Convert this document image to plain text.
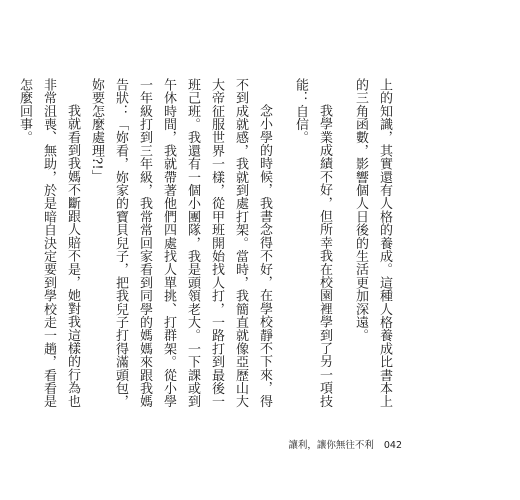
上的知識，其實還有人格的養成。這種人格養成比書本上的三角函數，影響個人日後的生活更加深遠。

我學業成績不好，但所幸我在校園裡學到了另一項技能：自信。

念小學的時候，我書念得不好，在學校靜不下來，得不到成就感，我就到處打架。當時，我簡直就像亞歷山大大帝征服世界一樣，從甲班開始找人打，一路打到最後一班己班。我還有一個小團隊，我是頭領老大。一下課或到午休時間，我就帶著他們四處找人單挑、打群架。從小學一年級打到三年級，我常常回家看到同學的媽媽來跟我媽告狀：「妳看，妳家的寶貝兒子，把我兒子打得滿頭包，妳要怎麼處理?!」

我就看到我媽不斷跟人賠不是，她對我這樣的行為也非常沮喪、無助，於是暗自決定要到學校走一趟，看看是怎麼回事。

讓利，讓你無往不利 042
